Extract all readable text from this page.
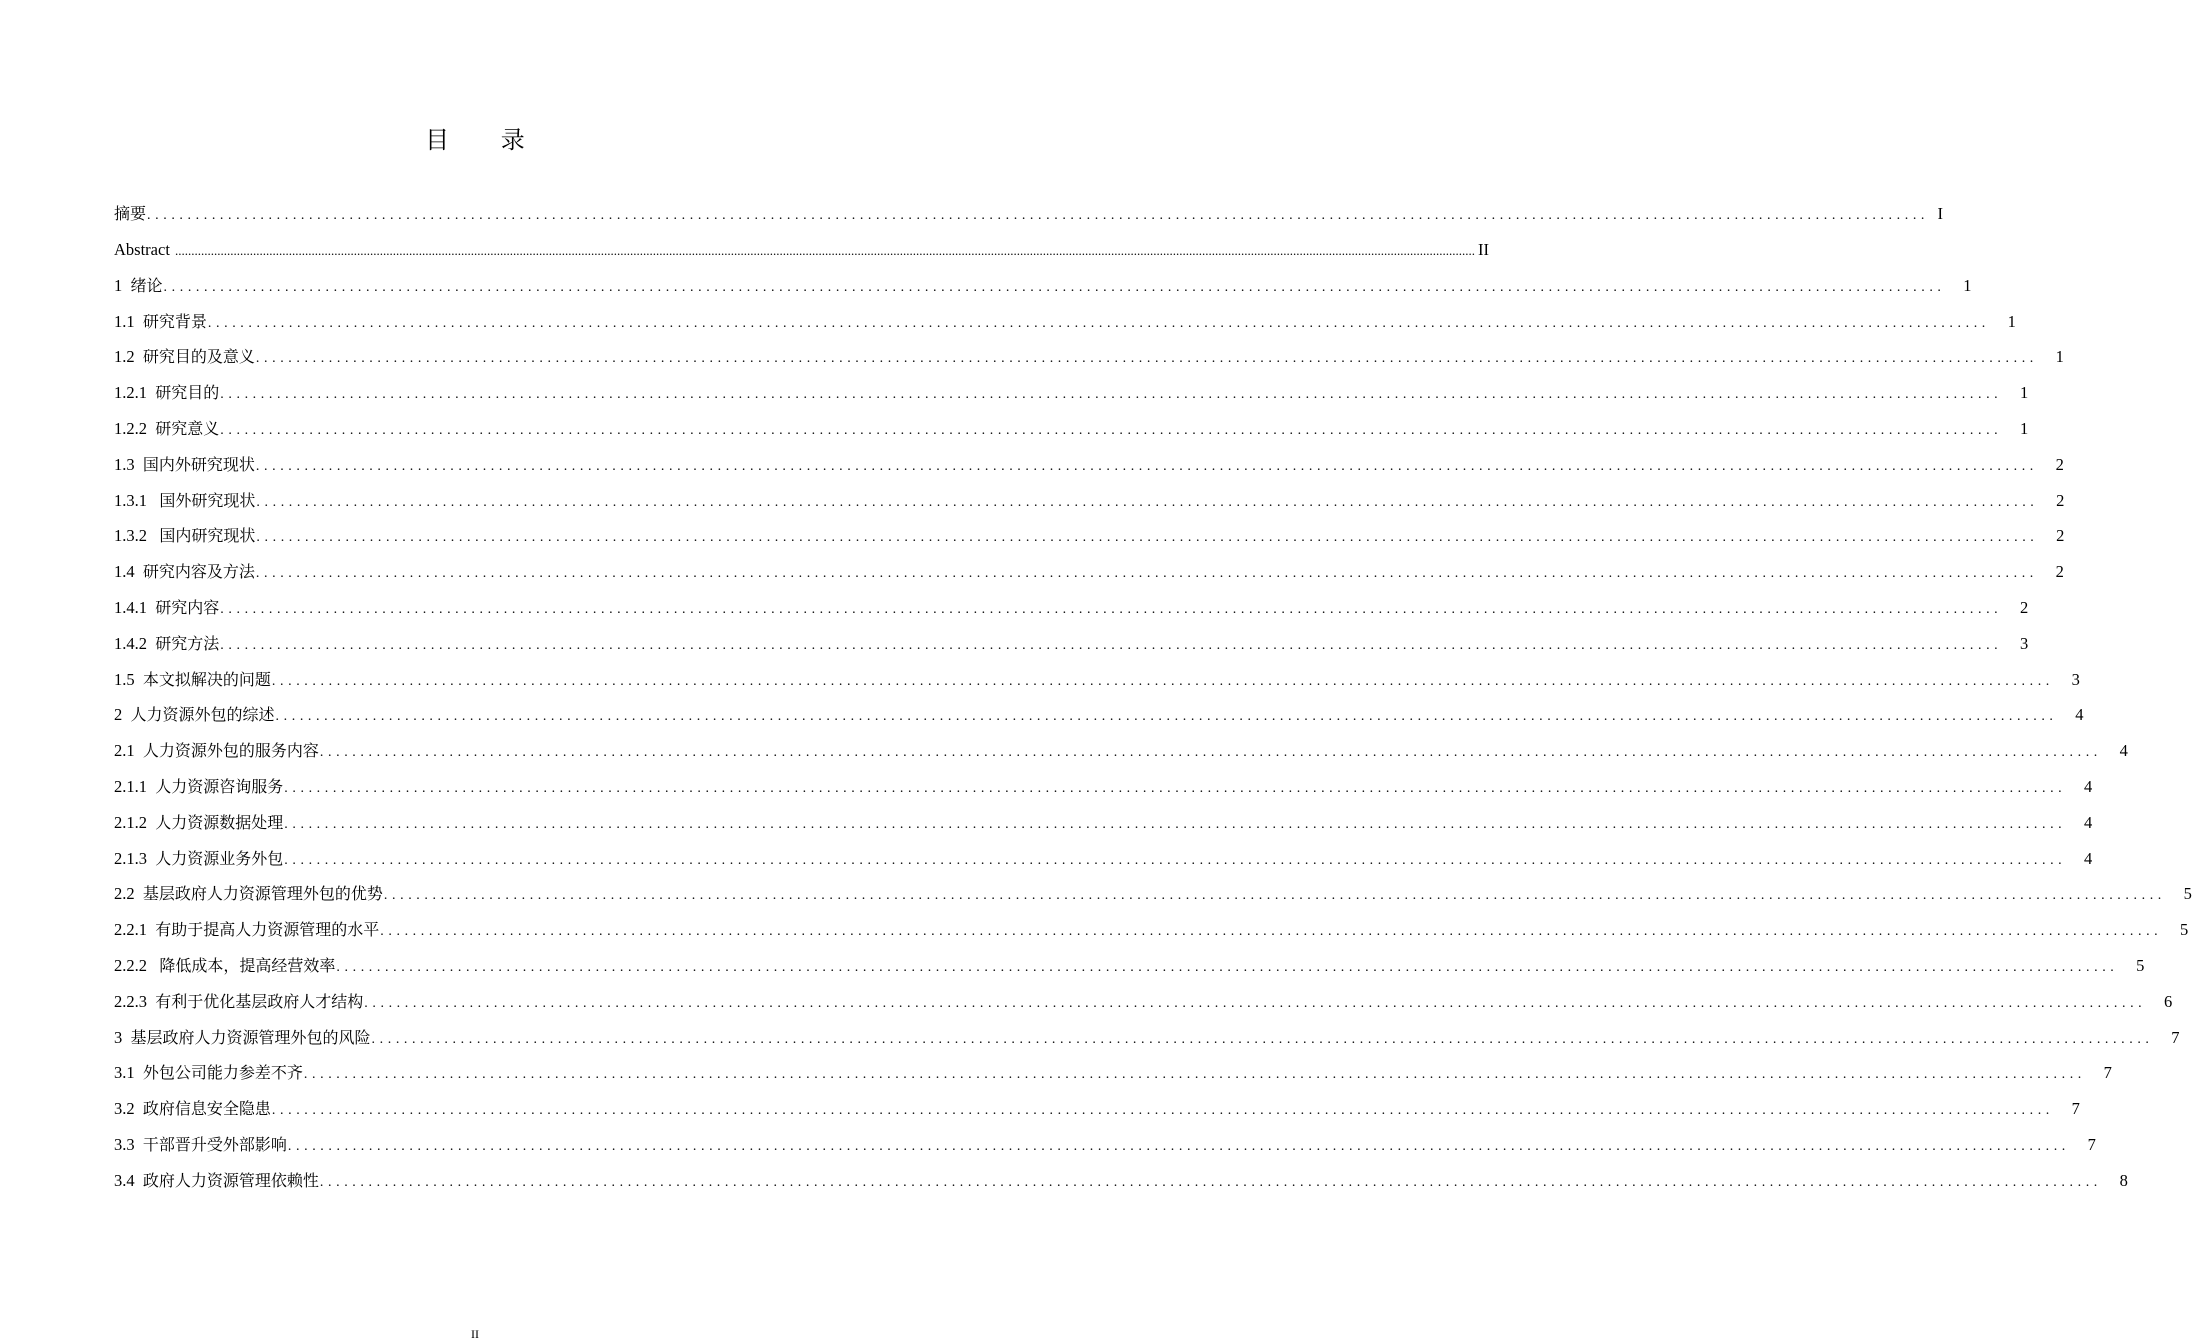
目 录
摘要 ............................................................................................................................................................................................................................ I
Abstract ................................................................................................................................................................................................................................................................................................................................................................................................................ II
1  绪论 ............................................................................................................................................................................................................................	1
1.1  研究背景 ............................................................................................................................................................................................................................	1
1.2  研究目的及意义 ............................................................................................................................................................................................................................	1
1.2.1  研究目的 ............................................................................................................................................................................................................................	1
1.2.2  研究意义 ............................................................................................................................................................................................................................	1
1.3  国内外研究现状 ............................................................................................................................................................................................................................	2
1.3.1   国外研究现状 ............................................................................................................................................................................................................................	2
1.3.2   国内研究现状 ............................................................................................................................................................................................................................	2
1.4  研究内容及方法 ............................................................................................................................................................................................................................	2
1.4.1  研究内容 ............................................................................................................................................................................................................................	2
1.4.2  研究方法 ............................................................................................................................................................................................................................	3
1.5  本文拟解决的问题 ............................................................................................................................................................................................................................	3
2  人力资源外包的综述 ............................................................................................................................................................................................................................	4
2.1  人力资源外包的服务内容 ............................................................................................................................................................................................................................	4
2.1.1  人力资源咨询服务 ............................................................................................................................................................................................................................	4
2.1.2  人力资源数据处理 ............................................................................................................................................................................................................................	4
2.1.3  人力资源业务外包 ............................................................................................................................................................................................................................	4
2.2  基层政府人力资源管理外包的优势 ............................................................................................................................................................................................................................	5
2.2.1  有助于提高人力资源管理的水平 ............................................................................................................................................................................................................................	5
2.2.2   降低成本，提高经营效率 ............................................................................................................................................................................................................................	5
2.2.3  有利于优化基层政府人才结构 ............................................................................................................................................................................................................................	6
3  基层政府人力资源管理外包的风险 ............................................................................................................................................................................................................................	7
3.1  外包公司能力参差不齐 ............................................................................................................................................................................................................................	7
3.2  政府信息安全隐患 ............................................................................................................................................................................................................................	7
3.3  干部晋升受外部影响 ............................................................................................................................................................................................................................	7
3.4  政府人力资源管理依赖性 ............................................................................................................................................................................................................................	8
II
